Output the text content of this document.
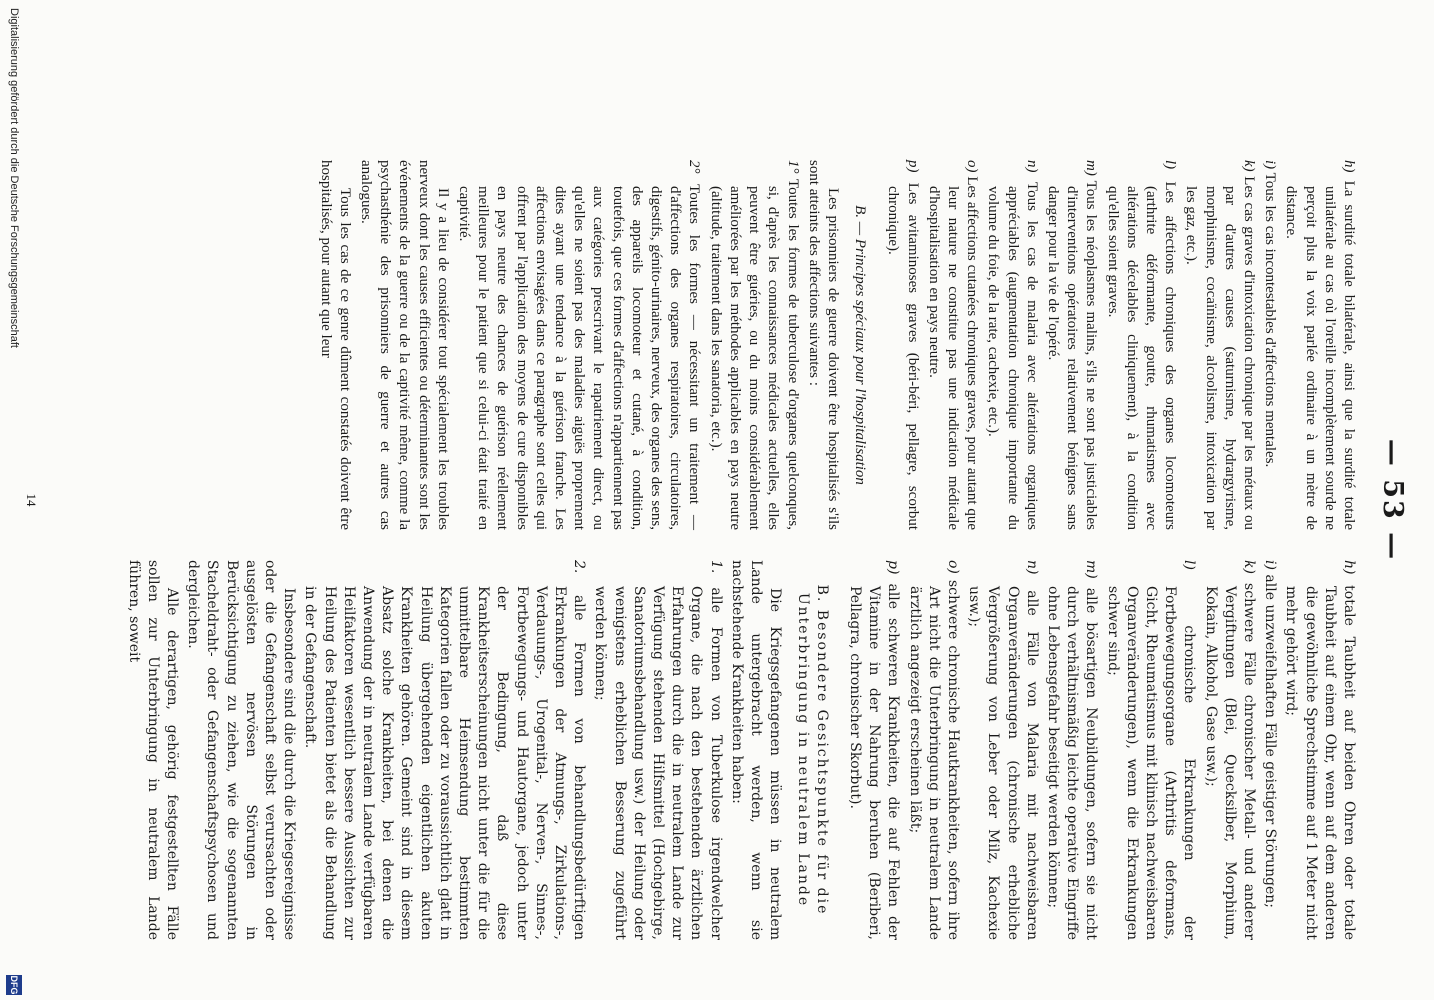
— 53 —
h) La surdité totale bilatérale, ainsi que la surdité totale unilatérale au cas où l'oreille incomplètement sourde ne perçoit plus la voix parlée ordinaire à un mètre de distance.
i) Tous les cas incontestables d'affections mentales.
k) Les cas graves d'intoxication chronique par les métaux ou par d'autres causes (saturnisme, hydrargyrisme, morphinisme, cocaïnisme, alcoolisme, intoxication par les gaz, etc.).
l) Les affections chroniques des organes locomoteurs (arthrite déformante, goutte, rhumatismes avec altérations décelables cliniquement), à la condition qu'elles soient graves.
m) Tous les néoplasmes malins, s'ils ne sont pas justiciables d'interventions opératoires relativement bénignes sans danger pour la vie de l'opéré.
n) Tous les cas de malaria avec altérations organiques appréciables (augmentation chronique importante du volume du foie, de la rate, cachexie, etc.).
o) Les affections cutanées chroniques graves, pour autant que leur nature ne constitue pas une indication médicale d'hospitalisation en pays neutre.
p) Les avitaminoses graves (béri-béri, pellagre, scorbut chronique).
B. — Principes spéciaux pour l'hospitalisation
Les prisonniers de guerre doivent être hospitalisés s'ils sont atteints des affections suivantes :
1° Toutes les formes de tuberculose d'organes quelconques, si, d'après les connaissances médicales actuelles, elles peuvent être guéries, ou du moins considérablement améliorées par les méthodes applicables en pays neutre (altitude, traitement dans les sanatoria, etc.).
2° Toutes les formes — nécessitant un traitement — d'affections des organes respiratoires, circulatoires, digestifs, génito-urinaires, nerveux, des organes des sens, des appareils locomoteur et cutané, à condition, toutefois, que ces formes d'affections n'appartiennent pas aux catégories prescrivant le rapatriement direct, ou qu'elles ne soient pas des maladies aiguës proprement dites ayant une tendance à la guérison franche. Les affections envisagées dans ce paragraphe sont celles qui offrent par l'application des moyens de cure disponibles en pays neutre des chances de guérison réellement meilleures pour le patient que si celui-ci était traité en captivité.
Il y a lieu de considérer tout spécialement les troubles nerveux dont les causes efficientes ou déterminantes sont les événements de la guerre ou de la captivité même, comme la psychasthénie des prisonniers de guerre et autres cas analogues.
Tous les cas de ce genre dûment constatés doivent être hospitalisés, pour autant que leur
h) totale Taubheit auf beiden Ohren oder totale Taubheit auf einem Ohr, wenn auf dem anderen die gewöhnliche Sprechstimme auf 1 Meter nicht mehr gehört wird;
i) alle unzweifelhaften Fälle geistiger Störungen;
k) schwere Fälle chronischer Metall- und anderer Vergiftungen (Blei, Quecksilber, Morphium, Kokain, Alkohol, Gase usw.);
l) chronische Erkrankungen der Fortbewegungsorgane (Arthritis deformans, Gicht, Rheumatismus mit klinisch nachweisbaren Organveränderungen), wenn die Erkrankungen schwer sind;
m) alle bösartigen Neubildungen, sofern sie nicht durch verhältnismäßig leichte operative Eingriffe ohne Lebensgefahr beseitigt werden können;
n) alle Fälle von Malaria mit nachweisbaren Organveränderungen (chronische erhebliche Vergrößerung von Leber oder Milz, Kachexie usw.);
o) schwere chronische Hautkrankheiten, sofern ihre Art nicht die Unterbringung in neutralem Lande ärztlich angezeigt erscheinen läßt;
p) alle schweren Krankheiten, die auf Fehlen der Vitamine in der Nahrung beruhen (Beriberi, Pellagra, chronischer Skorbut).
B. Besondere Gesichtspunkte für die Unterbringung in neutralem Lande
Die Kriegsgefangenen müssen in neutralem Lande untergebracht werden, wenn sie nachstehende Krankheiten haben:
1. alle Formen von Tuberkulose irgendwelcher Organe, die nach den bestehenden ärztlichen Erfahrungen durch die in neutralem Lande zur Verfügung stehenden Hilfsmittel (Hochgebirge, Sanatoriumsbehandlung usw.) der Heilung oder wenigstens erheblichen Besserung zugeführt werden können;
2. alle Formen von behandlungsbedürftigen Erkrankungen der Atmungs-, Zirkulations-, Verdauungs-, Urogenital-, Nerven-, Sinnes-, Fortbewegungs- und Hautorgane, jedoch unter der Bedingung, daß diese Krankheitserscheinungen nicht unter die für die unmittelbare Heimsendung bestimmten Kategorien fallen oder zu voraussichtlich glatt in Heilung übergehenden eigentlichen akuten Krankheiten gehören. Gemeint sind in diesem Absatz solche Krankheiten, bei denen die Anwendung der in neutralem Lande verfügbaren Heilfaktoren wesentlich bessere Aussichten zur Heilung des Patienten bietet als die Behandlung in der Gefangenschaft.
Insbesondere sind die durch die Kriegsereignisse oder die Gefangenschaft selbst verursachten oder ausgelösten nervösen Störungen in Berücksichtigung zu ziehen, wie die sogenannten Stacheldraht- oder Gefangenschaftspsychosen und dergleichen.
Alle derartigen, gehörig festgestellten Fälle sollen zur Unterbringung in neutralem Lande führen, soweit
14
Digitalisierung gefördert durch die Deutsche Forschungsgemeinschaft
DFG
